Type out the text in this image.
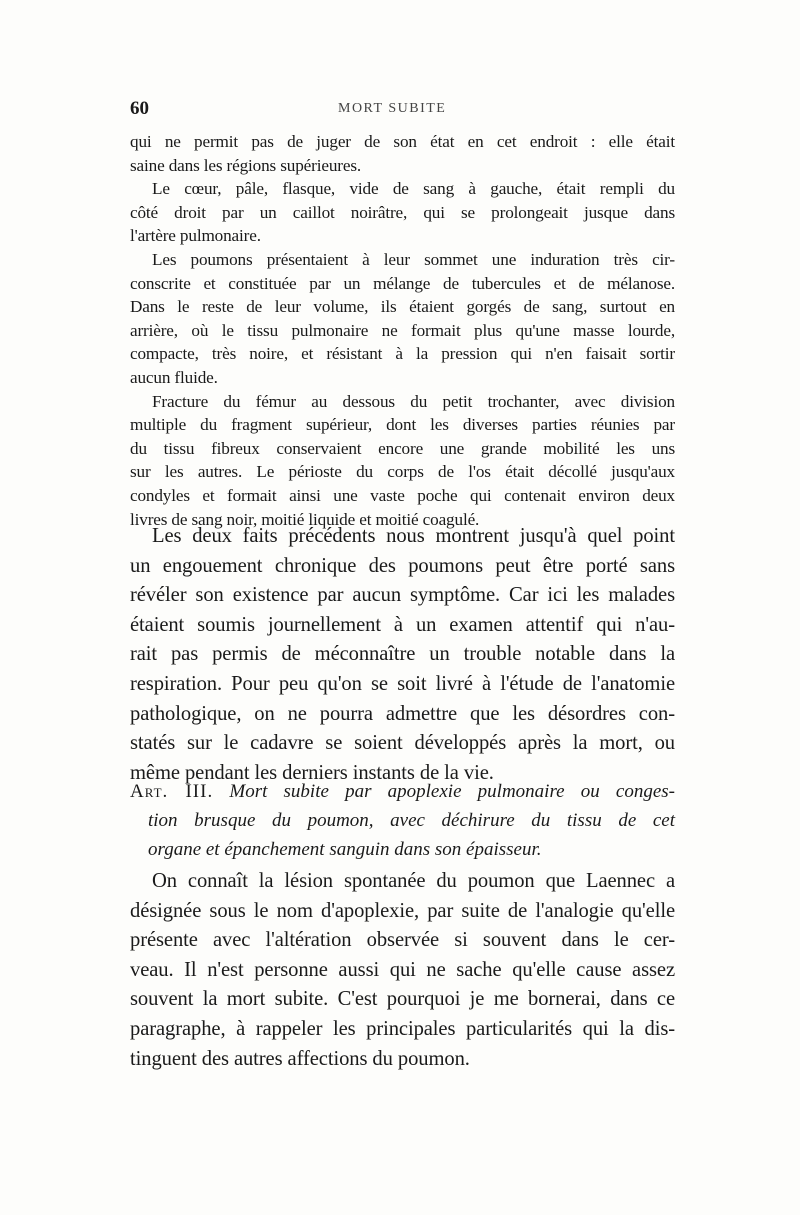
60	MORT SUBITE
qui ne permit pas de juger de son état en cet endroit : elle était
saine dans les régions supérieures.
Le cœur, pâle, flasque, vide de sang à gauche, était rempli du
côté droit par un caillot noirâtre, qui se prolongeait jusque dans
l'artère pulmonaire.
Les poumons présentaient à leur sommet une induration très cir-
conscrite et constituée par un mélange de tubercules et de mélanose.
Dans le reste de leur volume, ils étaient gorgés de sang, surtout en
arrière, où le tissu pulmonaire ne formait plus qu'une masse lourde,
compacte, très noire, et résistant à la pression qui n'en faisait sortir
aucun fluide.
Fracture du fémur au dessous du petit trochanter, avec division
multiple du fragment supérieur, dont les diverses parties réunies par
du tissu fibreux conservaient encore une grande mobilité les uns
sur les autres. Le périoste du corps de l'os était décollé jusqu'aux
condyles et formait ainsi une vaste poche qui contenait environ deux
livres de sang noir, moitié liquide et moitié coagulé.
Les deux faits précédents nous montrent jusqu'à quel point
un engouement chronique des poumons peut être porté sans
révéler son existence par aucun symptôme. Car ici les malades
étaient soumis journellement à un examen attentif qui n'au-
rait pas permis de méconnaître un trouble notable dans la
respiration. Pour peu qu'on se soit livré à l'étude de l'anatomie
pathologique, on ne pourra admettre que les désordres con-
statés sur le cadavre se soient développés après la mort, ou
même pendant les derniers instants de la vie.
Art. III. Mort subite par apoplexie pulmonaire ou conges-
tion brusque du poumon, avec déchirure du tissu de cet
organe et épanchement sanguin dans son épaisseur.
On connaît la lésion spontanée du poumon que Laennec a
désignée sous le nom d'apoplexie, par suite de l'analogie qu'elle
présente avec l'altération observée si souvent dans le cer-
veau. Il n'est personne aussi qui ne sache qu'elle cause assez
souvent la mort subite. C'est pourquoi je me bornerai, dans ce
paragraphe, à rappeler les principales particularités qui la dis-
tinguent des autres affections du poumon.
